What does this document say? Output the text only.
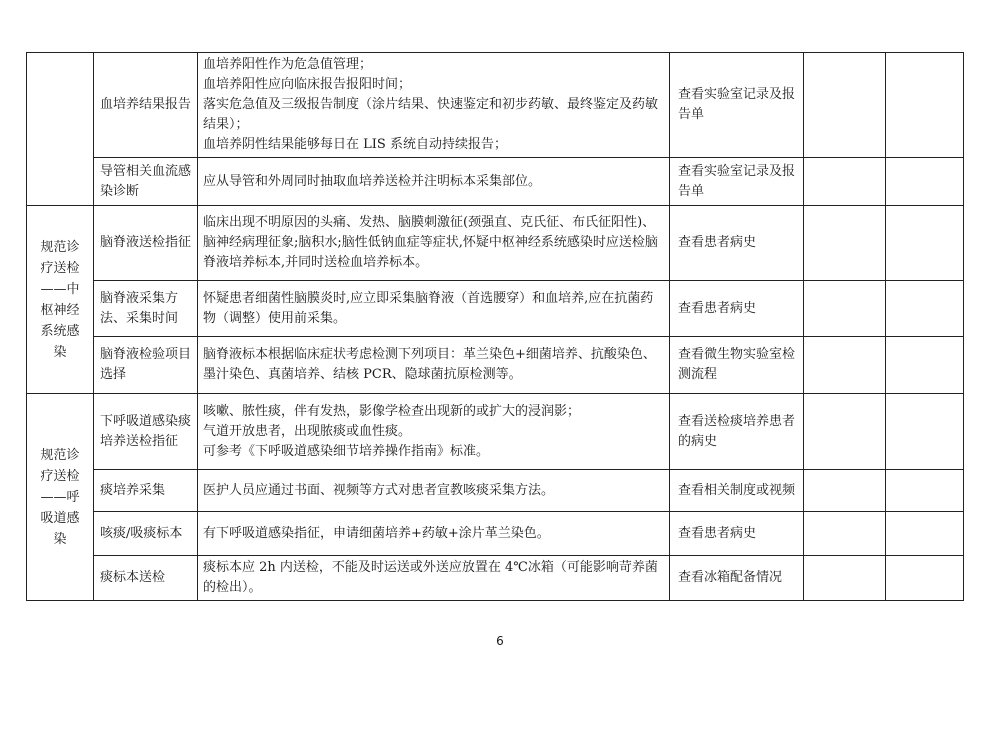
	血培养结果报告	血培养阳性作为危急值管理；
血培养阳性应向临床报告报阳时间；
落实危急值及三级报告制度（涂片结果、快速鉴定和初步药敏、最终鉴定及药敏结果）；
血培养阴性结果能够每日在 LIS 系统自动持续报告；	查看实验室记录及报告单		
	导管相关血流感染诊断	应从导管和外周同时抽取血培养送检并注明标本采集部位。	查看实验室记录及报告单		
规范诊疗送检——中枢神经系统感染	脑脊液送检指征	临床出现不明原因的头痛、发热、脑膜刺激征(颈强直、克氏征、布氏征阳性)、脑神经病理征象;脑积水;脑性低钠血症等症状,怀疑中枢神经系统感染时应送检脑脊液培养标本,并同时送检血培养标本。	查看患者病史		
	脑脊液采集方法、采集时间	怀疑患者细菌性脑膜炎时,应立即采集脑脊液（首选腰穿）和血培养,应在抗菌药物（调整）使用前采集。	查看患者病史		
	脑脊液检验项目选择	脑脊液标本根据临床症状考虑检测下列项目：革兰染色+细菌培养、抗酸染色、墨汁染色、真菌培养、结核 PCR、隐球菌抗原检测等。	查看微生物实验室检测流程		
规范诊疗送检——呼吸道感染	下呼吸道感染痰培养送检指征	咳嗽、脓性痰，伴有发热，影像学检查出现新的或扩大的浸润影；
气道开放患者，出现脓痰或血性痰。
可参考《下呼吸道感染细节培养操作指南》标准。	查看送检痰培养患者的病史		
	痰培养采集	医护人员应通过书面、视频等方式对患者宣教咳痰采集方法。	查看相关制度或视频		
	咳痰/吸痰标本	有下呼吸道感染指征，申请细菌培养+药敏+涂片革兰染色。	查看患者病史		
	痰标本送检	痰标本应 2h 内送检，不能及时运送或外送应放置在 4℃冰箱（可能影响苛养菌的检出）。	查看冰箱配备情况		
6
